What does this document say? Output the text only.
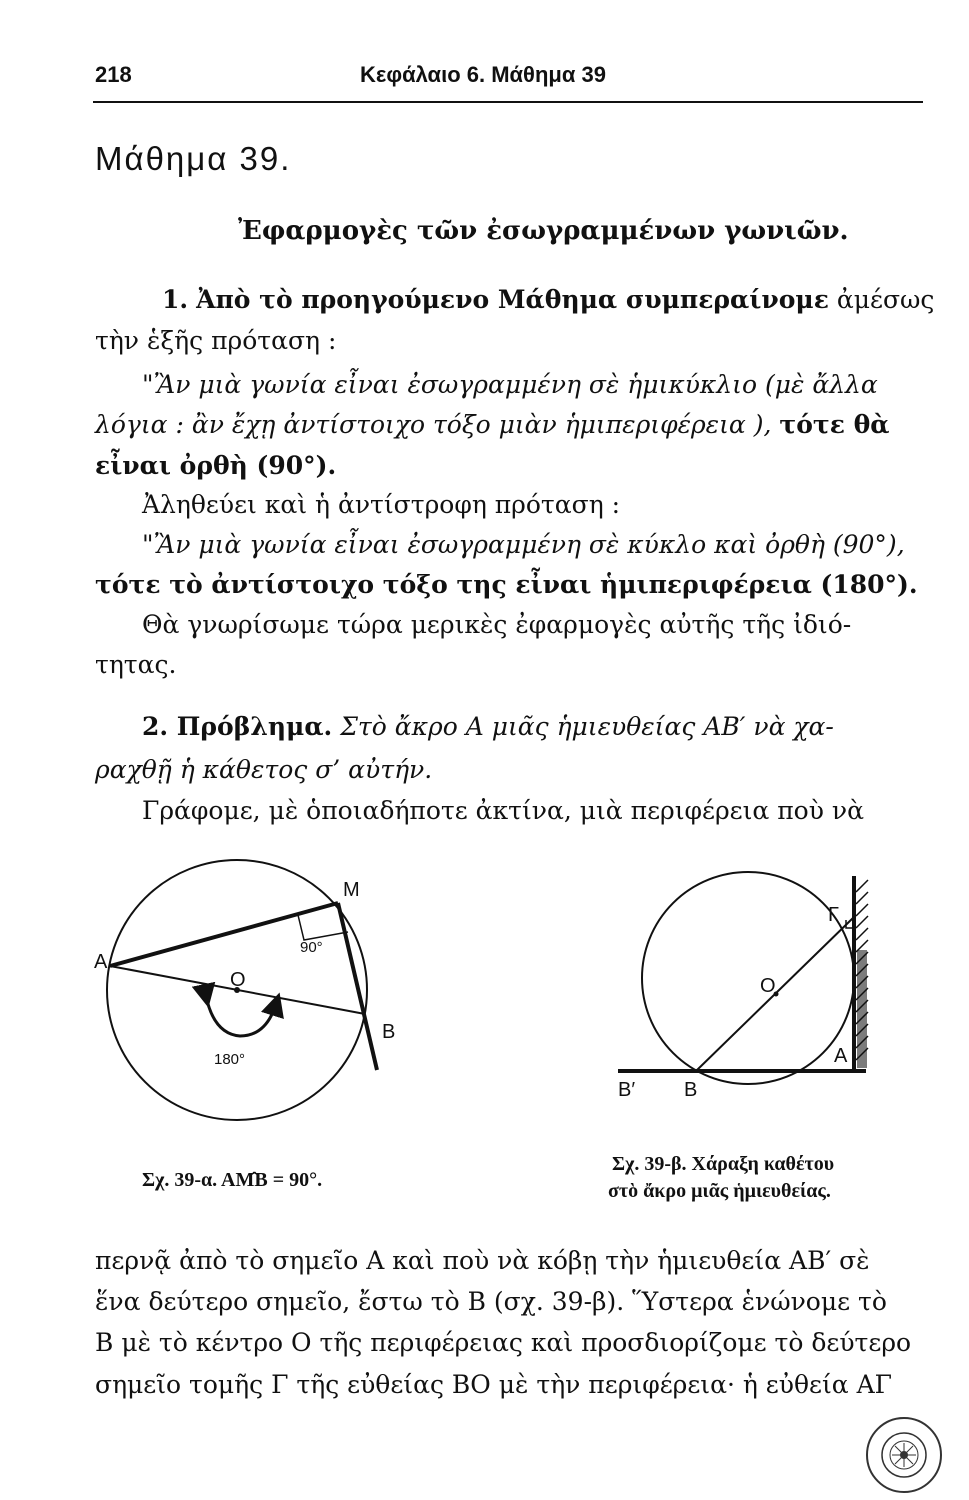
218	Κεφάλαιο 6. Μάθημα 39
Μάθημα 39.
Ἐφαρμογὲς τῶν ἐσωγραμμένων γωνιῶν.
1. Ἀπὸ τὸ προηγούμενο Μάθημα συμπεραίνομε ἀμέσως
τὴν ἑξῆς πρόταση :
"Ἂν μιὰ γωνία εἶναι ἐσωγραμμένη σὲ ἡμικύκλιο (μὲ ἄλλα
λόγια : ἂν ἔχῃ ἀντίστοιχο τόξο μιὰν ἡμιπεριφέρεια ), τότε θὰ
εἶναι ὀρθὴ (90°).
Ἀληθεύει καὶ ἡ ἀντίστροφη πρόταση :
"Ἂν μιὰ γωνία εἶναι ἐσωγραμμένη σὲ κύκλο καὶ ὀρθὴ (90°),
τότε τὸ ἀντίστοιχο τόξο της εἶναι ἡμιπεριφέρεια (180°).
Θὰ γνωρίσωμε τώρα μερικὲς ἐφαρμογὲς αὐτῆς τῆς ἰδιό-
τητας.
2. Πρόβλημα. Στὸ ἄκρο Α μιᾶς ἡμιευθείας ΑΒ′ νὰ χα-
ραχθῇ ἡ κάθετος σ’ αὐτήν.
Γράφομε, μὲ ὁποιαδήποτε ἀκτίνα, μιὰ περιφέρεια ποὺ νὰ
A
M
O
B
90°
180°
Γ
O
A
B
B′
Σχ. 39-α. ΑΜ̂Β = 90°.
Σχ. 39-β. Χάραξη καθέτου
στὸ ἄκρο μιᾶς ἡμιευθείας.
περνᾷ ἀπὸ τὸ σημεῖο Α καὶ ποὺ νὰ κόβῃ τὴν ἡμιευθεία ΑΒ′ σὲ
ἕνα δεύτερο σημεῖο, ἔστω τὸ Β (σχ. 39-β). Ὕστερα ἑνώνομε τὸ
Β μὲ τὸ κέντρο Ο τῆς περιφέρειας καὶ προσδιορίζομε τὸ δεύτερο
σημεῖο τομῆς Γ τῆς εὐθείας ΒΟ μὲ τὴν περιφέρεια· ἡ εὐθεία ΑΓ
